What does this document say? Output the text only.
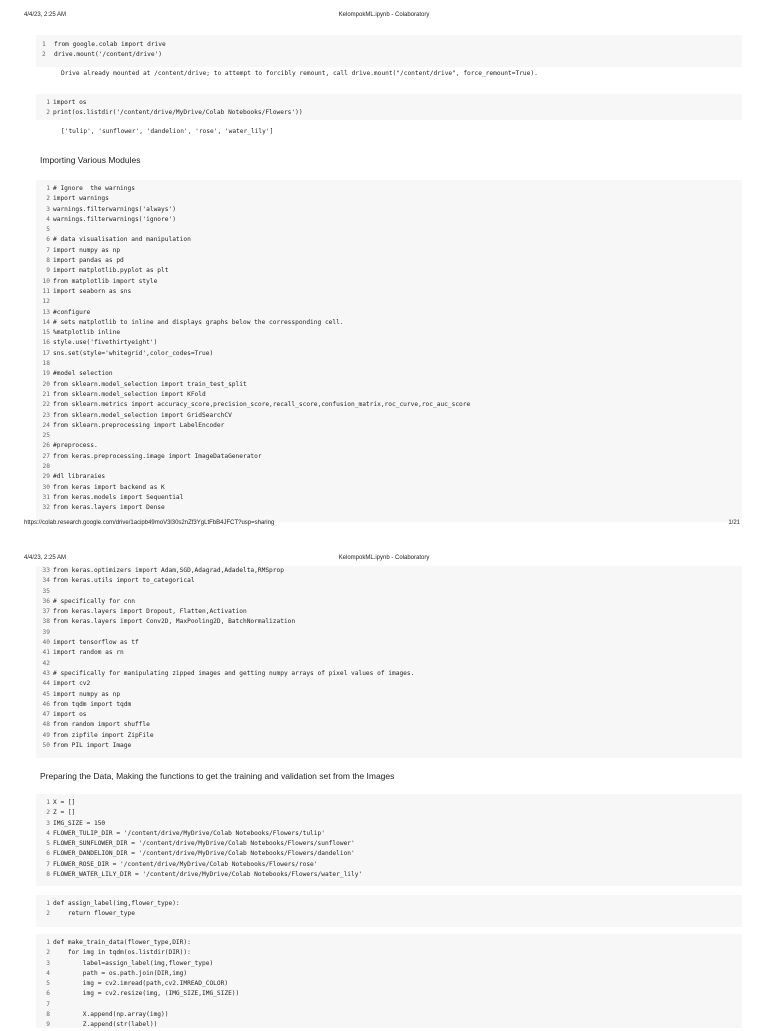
4/4/23, 2:25 AM	KelompokML.ipynb - Colaboratory
1 from google.colab import drive
2 drive.mount('/content/drive')
Drive already mounted at /content/drive; to attempt to forcibly remount, call drive.mount("/content/drive", force_remount=True).
1 import os
2 print(os.listdir('/content/drive/MyDrive/Colab Notebooks/Flowers'))
['tulip', 'sunflower', 'dandelion', 'rose', 'water_lily']
Importing Various Modules
1 # Ignore  the warnings
2 import warnings
3 warnings.filterwarnings('always')
4 warnings.filterwarnings('ignore')
5
6 # data visualisation and manipulation
7 import numpy as np
8 import pandas as pd
9 import matplotlib.pyplot as plt
10 from matplotlib import style
11 import seaborn as sns
12
13 #configure
14 # sets matplotlib to inline and displays graphs below the corressponding cell.
15 %matplotlib inline
16 style.use('fivethirtyeight')
17 sns.set(style='whitegrid',color_codes=True)
18
19 #model selection
20 from sklearn.model_selection import train_test_split
21 from sklearn.model_selection import KFold
22 from sklearn.metrics import accuracy_score,precision_score,recall_score,confusion_matrix,roc_curve,roc_auc_score
23 from sklearn.model_selection import GridSearchCV
24 from sklearn.preprocessing import LabelEncoder
25
26 #preprocess.
27 from keras.preprocessing.image import ImageDataGenerator
28
29 #dl libraraies
30 from keras import backend as K
31 from keras.models import Sequential
32 from keras.layers import Dense
https://colab.research.google.com/drive/1acipb49moV3l30s2nZf3YgLtFbB4JFCT?usp=sharing	1/21
4/4/23, 2:25 AM	KelompokML.ipynb - Colaboratory
33 from keras.optimizers import Adam,SGD,Adagrad,Adadelta,RMSprop
34 from keras.utils import to_categorical
35
36 # specifically for cnn
37 from keras.layers import Dropout, Flatten,Activation
38 from keras.layers import Conv2D, MaxPooling2D, BatchNormalization
39
40 import tensorflow as tf
41 import random as rn
42
43 # specifically for manipulating zipped images and getting numpy arrays of pixel values of images.
44 import cv2
45 import numpy as np
46 from tqdm import tqdm
47 import os
48 from random import shuffle
49 from zipfile import ZipFile
50 from PIL import Image
Preparing the Data, Making the functions to get the training and validation set from the Images
1 X = []
2 Z = []
3 IMG_SIZE = 150
4 FLOWER_TULIP_DIR = '/content/drive/MyDrive/Colab Notebooks/Flowers/tulip'
5 FLOWER_SUNFLOWER_DIR = '/content/drive/MyDrive/Colab Notebooks/Flowers/sunflower'
6 FLOWER_DANDELION_DIR = '/content/drive/MyDrive/Colab Notebooks/Flowers/dandelion'
7 FLOWER_ROSE_DIR = '/content/drive/MyDrive/Colab Notebooks/Flowers/rose'
8 FLOWER_WATER_LILY_DIR = '/content/drive/MyDrive/Colab Notebooks/Flowers/water_lily'
1 def assign_label(img,flower_type):
2    return flower_type
1 def make_train_data(flower_type,DIR):
2    for img in tqdm(os.listdir(DIR)):
3        label=assign_label(img,flower_type)
4        path = os.path.join(DIR,img)
5        img = cv2.imread(path,cv2.IMREAD_COLOR)
6        img = cv2.resize(img, (IMG_SIZE,IMG_SIZE))
7
8        X.append(np.array(img))
9        Z.append(str(label))
